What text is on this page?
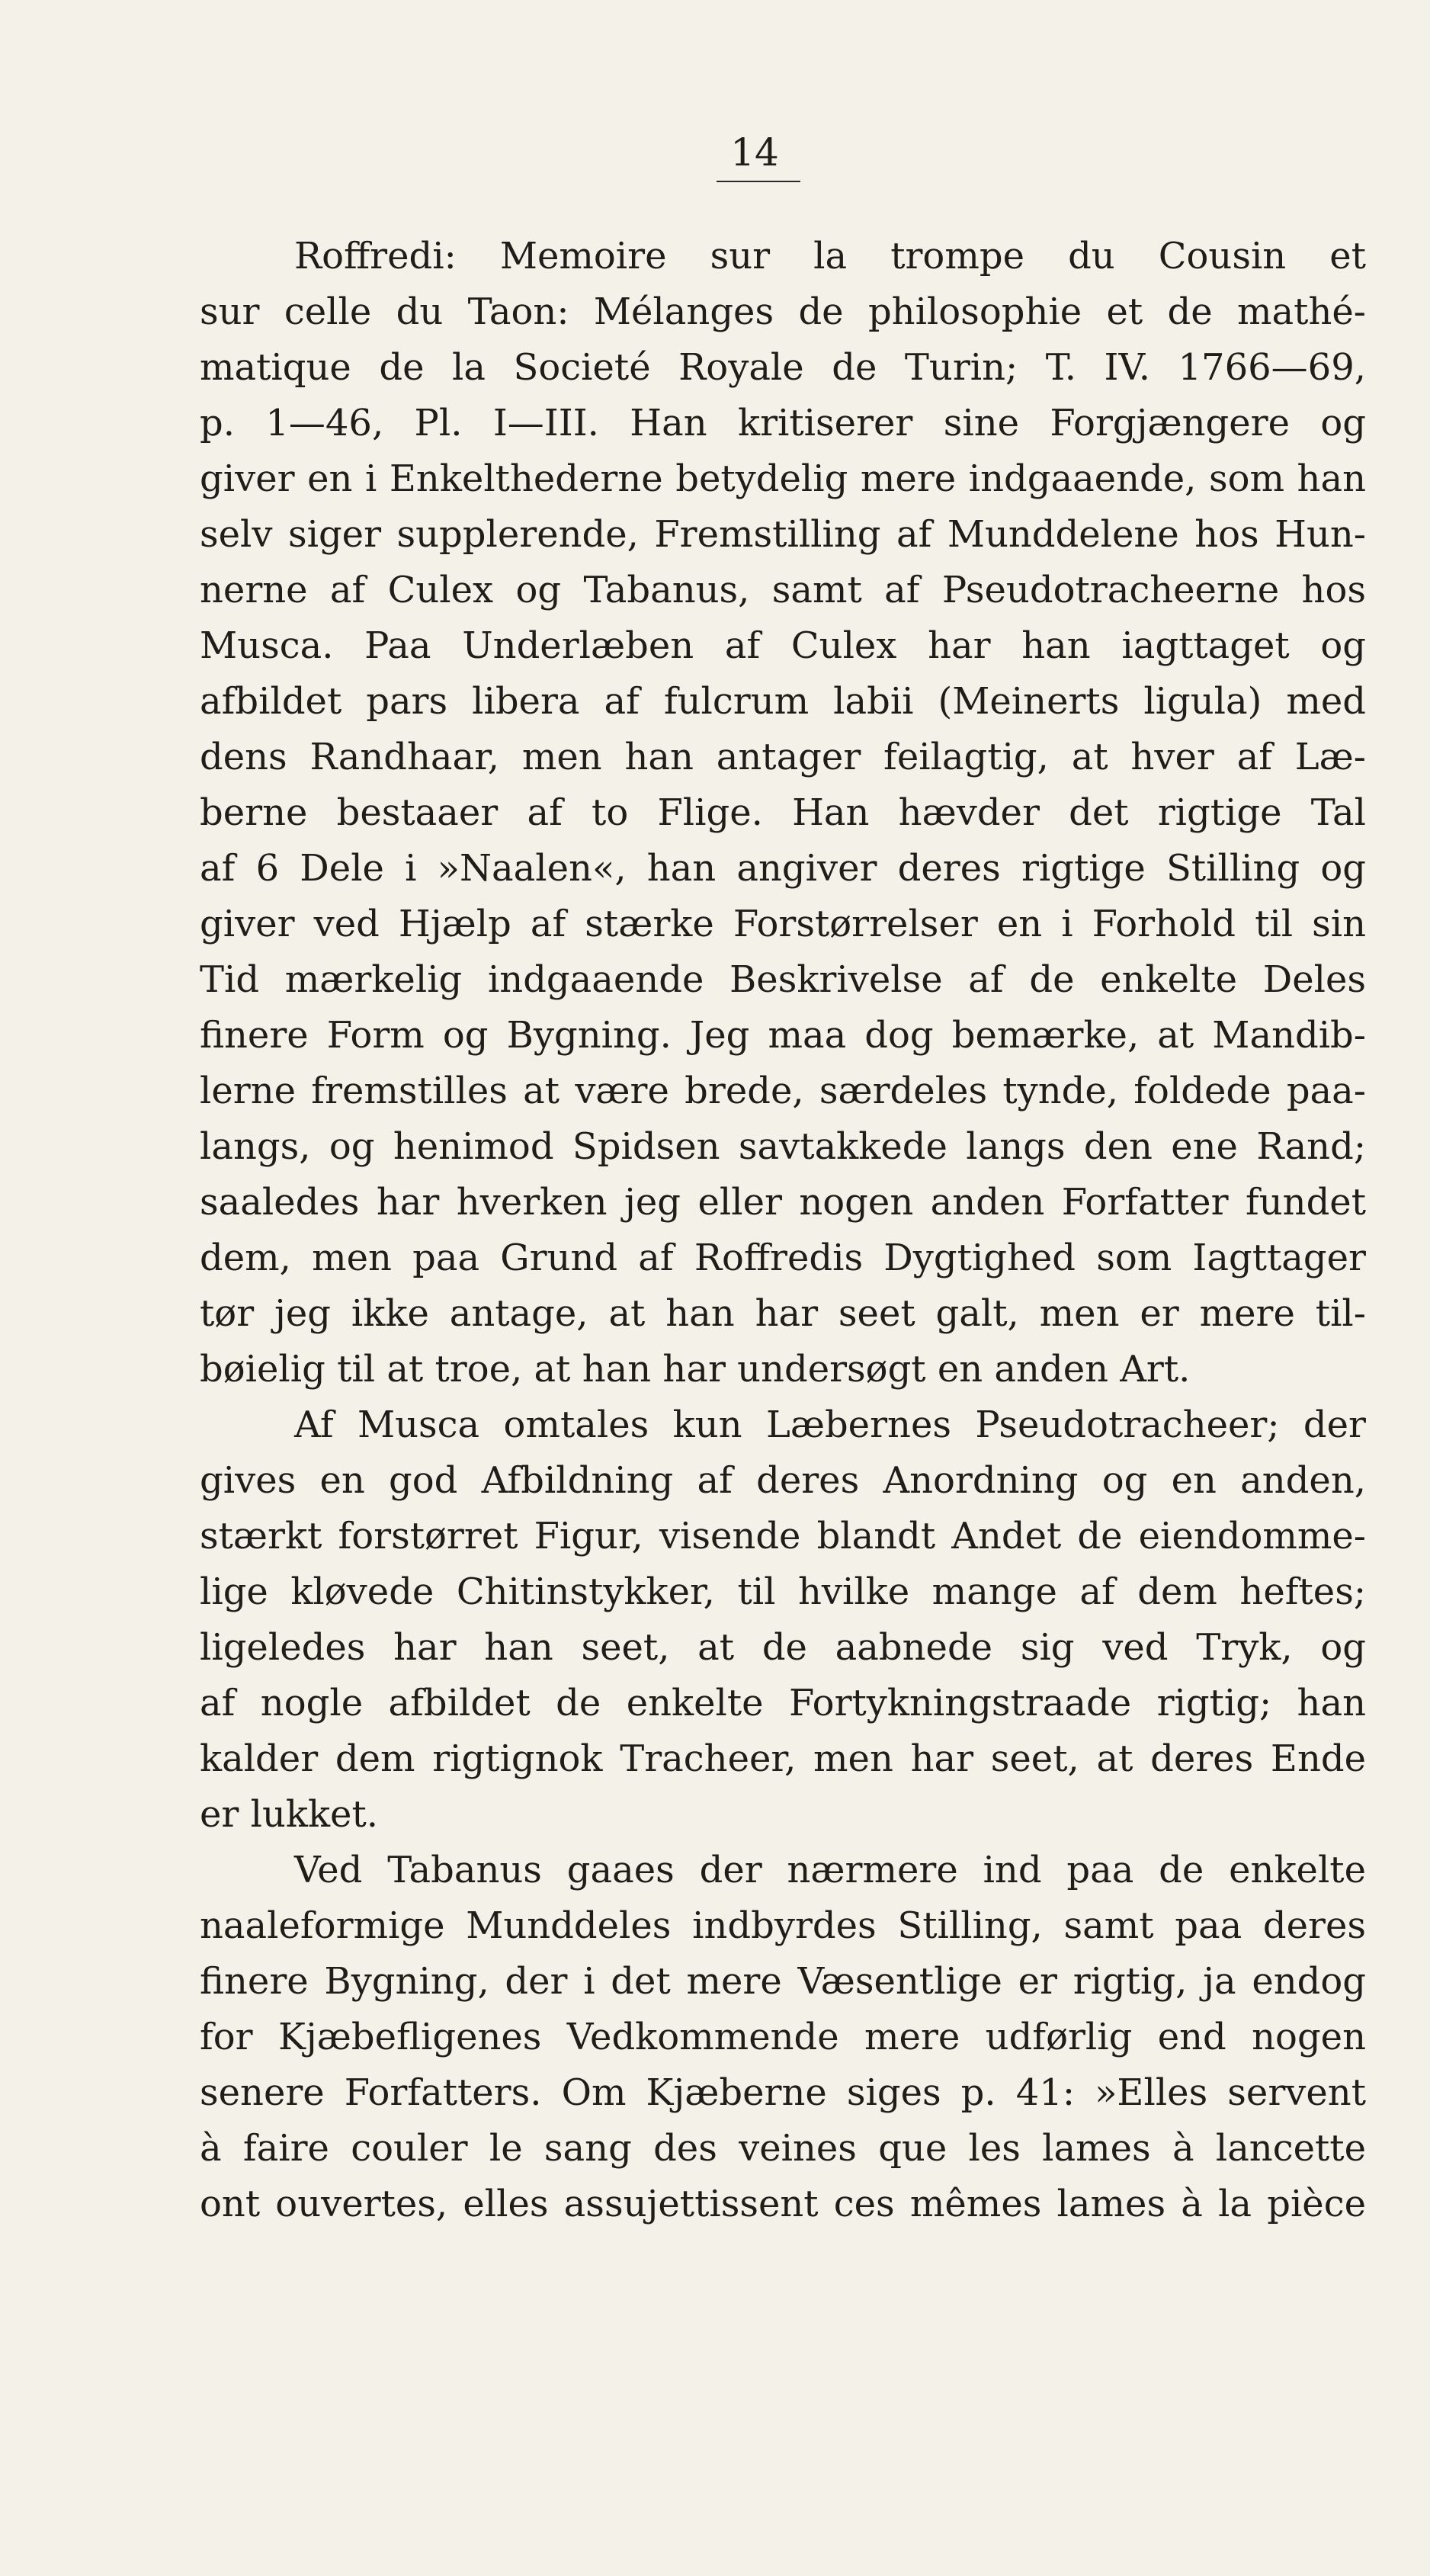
14
Roffredi: Memoire sur la trompe du Cousin et
sur celle du Taon: Mélanges de philosophie et de mathé-
matique de la Societé Royale de Turin; T. IV. 1766—69,
p. 1—46, Pl. I—III. Han kritiserer sine Forgjængere og
giver en i Enkelthederne betydelig mere indgaaende, som han
selv siger supplerende, Fremstilling af Munddelene hos Hun-
nerne af Culex og Tabanus, samt af Pseudotracheerne hos
Musca. Paa Underlæben af Culex har han iagttaget og
afbildet pars libera af fulcrum labii (Meinerts ligula) med
dens Randhaar, men han antager feilagtig, at hver af Læ-
berne bestaaer af to Flige. Han hævder det rigtige Tal
af 6 Dele i »Naalen«, han angiver deres rigtige Stilling og
giver ved Hjælp af stærke Forstørrelser en i Forhold til sin
Tid mærkelig indgaaende Beskrivelse af de enkelte Deles
finere Form og Bygning. Jeg maa dog bemærke, at Mandib-
lerne fremstilles at være brede, særdeles tynde, foldede paa-
langs, og henimod Spidsen savtakkede langs den ene Rand;
saaledes har hverken jeg eller nogen anden Forfatter fundet
dem, men paa Grund af Roffredis Dygtighed som Iagttager
tør jeg ikke antage, at han har seet galt, men er mere til-
bøielig til at troe, at han har undersøgt en anden Art.
Af Musca omtales kun Læbernes Pseudotracheer; der
gives en god Afbildning af deres Anordning og en anden,
stærkt forstørret Figur, visende blandt Andet de eiendomme-
lige kløvede Chitinstykker, til hvilke mange af dem heftes;
ligeledes har han seet, at de aabnede sig ved Tryk, og
af nogle afbildet de enkelte Fortykningstraade rigtig; han
kalder dem rigtignok Tracheer, men har seet, at deres Ende
er lukket.
Ved Tabanus gaaes der nærmere ind paa de enkelte
naaleformige Munddeles indbyrdes Stilling, samt paa deres
finere Bygning, der i det mere Væsentlige er rigtig, ja endog
for Kjæbefligenes Vedkommende mere udførlig end nogen
senere Forfatters. Om Kjæberne siges p. 41: »Elles servent
à faire couler le sang des veines que les lames à lancette
ont ouvertes, elles assujettissent ces mêmes lames à la pièce
